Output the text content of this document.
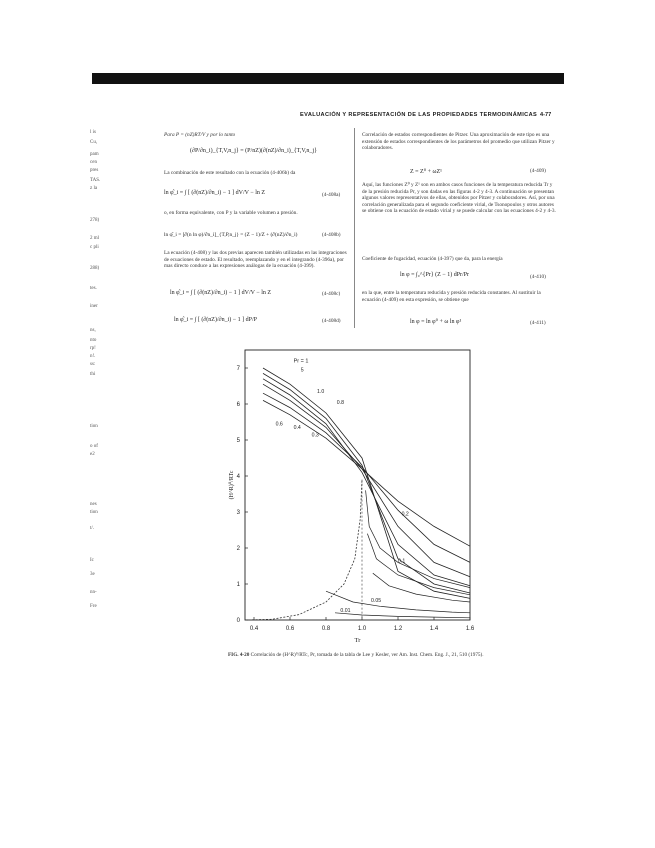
EVALUACIÓN Y REPRESENTACIÓN DE LAS PROPIEDADES TERMODINÁMICAS 4-77
l is
Cu,
pam
cen
pres
TAS.
z la
278)
2 ml
c pli
288)
tes.
iner
ns,
nto
rp!
n!.
ss:
thi
tion
o of
e2
nes
tion
t/.
Ic
3e
nn-
Fre
Para P = (nZ)RT/V y por lo tanto
(∂P/∂n_i)_{T,V,n_j} = (P/nZ)(∂(nZ)/∂n_i)_{T,V,n_j}
La combinación de este resultado con la ecuación (4-406b) da
ln φ̂_i = ∫ [ (∂(nZ)/∂n_i) − 1 ] dV/V − ln Z	(4-408a)
o, en forma equivalente, con P y la variable volumen a presión.
ln φ̂_i = [∂(n ln φ)/∂n_i]_{T,P,n_j} = (Z − 1)/Z + (∂(nZ)/∂n_i)	(4-408b)
La ecuación (4-408) y las dos previas aparecen también utilizadas en las integraciones de ecuaciones de estado. El resultado, reemplazando y en el integrando (4-396a), por mas directo conduce a las expresiones análogas de la ecuación (4-399).
ln φ̂_i = ∫ [ (∂(nZ)/∂n_i) − 1 ] dV/V − ln Z	(4-408c)
ln φ̂_i = ∫ [ (∂(nZ)/∂n_i) − 1 ] dP/P	(4-408d)
Correlación de estados correspondientes de Pitzer. Una aproximación de este tipo es una extensión de estados correspondientes de los parámetros del promedio que utilizan Pitzer y colaboradores.
Z = Z⁰ + ωZ¹	(4-409)
Aquí, las funciones Z⁰ y Z¹ son en ambos casos funciones de la temperatura reducida Tr y de la presión reducida Pr, y son dadas en las figuras 4-2 y 4-3. A continuación se presentan algunos valores representativos de ellas, obtenidos por Pitzer y colaboradores. Así, por una correlación generalizada para el segundo coeficiente virial, de Tsonopoulos y otros autores se obtiene con la ecuación de estado virial y se puede calcular con las ecuaciones 4-2 y 4-3.
Coeficiente de fugacidad, ecuación (4-397) que da, para la energía
ln φ = ∫₀^{Pr} (Z − 1) dPr/Pr	(4-410)
en la que, entre la temperatura reducida y presión reducida constantes. Al sustituir la ecuación (4-409) en esta expresión, se obtiene que
ln φ = ln φ⁰ + ω ln φ¹	(4-411)
0.4	0.6	0.8	1.0	1.2	1.4	1.6
0
1
2
3
4
5
6
7
Tr
(H^R)⁰/RTc
Pr = 1
5
1.0
0.8
0.6
0.4
0.3
0.2
0.1
0.05
0.01
FIG. 4-20 Correlación de (H^R)⁰/RTc, Pr, tomada de la tabla de Lee y Kesler, ver Am. Inst. Chem. Eng. J., 21, 510 (1975).
